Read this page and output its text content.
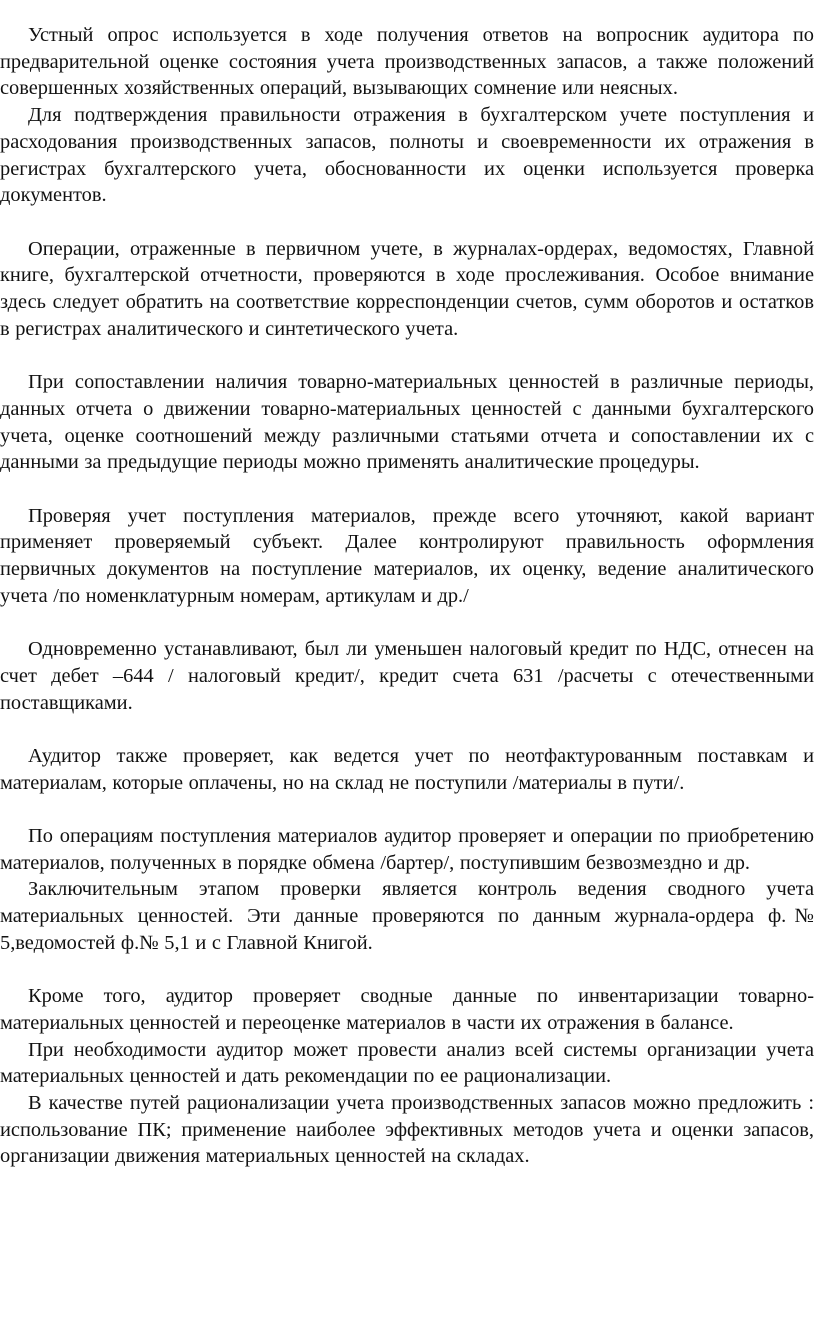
Устный опрос используется в ходе получения ответов на вопросник аудитора по предварительной оценке состояния учета производственных запасов, а также положений совершенных хозяйственных операций, вызывающих сомнение или неясных.

Для подтверждения правильности отражения в бухгалтерском учете поступления и расходования производственных запасов, полноты и своевременности их отражения в регистрах бухгалтерского учета, обоснованности их оценки используется проверка документов.

Операции, отраженные в первичном учете, в журналах-ордерах, ведомостях, Главной книге, бухгалтерской отчетности, проверяются в ходе прослеживания. Особое внимание здесь следует обратить на соответствие корреспонденции счетов, сумм оборотов и остатков в регистрах аналитического и синтетического учета.

При сопоставлении наличия товарно-материальных ценностей в различные периоды, данных отчета о движении товарно-материальных ценностей с данными бухгалтерского учета, оценке соотношений между различными статьями отчета и сопоставлении их с данными за предыдущие периоды можно применять аналитические процедуры.

Проверяя учет поступления материалов, прежде всего уточняют, какой вариант применяет проверяемый субъект. Далее контролируют правильность оформления первичных документов на поступление материалов, их оценку, ведение аналитического учета /по номенклатурным номерам, артикулам и др./

Одновременно устанавливают, был ли уменьшен налоговый кредит по НДС, отнесен на счет дебет –644 / налоговый кредит/, кредит счета 631 /расчеты с отечественными поставщиками.

Аудитор также проверяет, как ведется учет по неотфактурованным поставкам и материалам, которые оплачены, но на склад не поступили /материалы в пути/.

По операциям поступления материалов аудитор проверяет и операции по приобретению материалов, полученных в порядке обмена /бартер/, поступившим безвозмездно и др.

Заключительным этапом проверки является контроль ведения сводного учета материальных ценностей. Эти данные проверяются по данным журнала-ордера ф.№ 5,ведомостей ф.№ 5,1 и с Главной Книгой.

Кроме того, аудитор проверяет сводные данные по инвентаризации товарно-материальных ценностей и переоценке материалов в части их отражения в балансе.

При необходимости аудитор может провести анализ всей системы организации учета материальных ценностей и дать рекомендации по ее рационализации.

В качестве путей рационализации учета производственных запасов можно предложить : использование ПК; применение наиболее эффективных методов учета и оценки запасов, организации движения материальных ценностей на складах.
